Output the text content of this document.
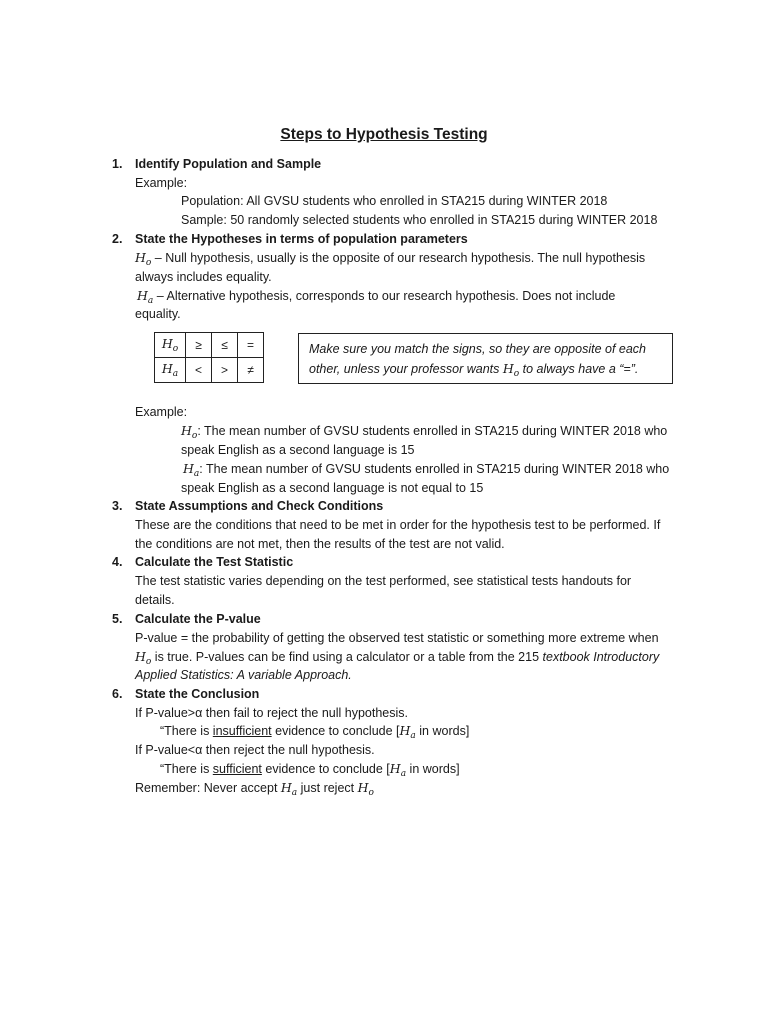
Steps to Hypothesis Testing
1. Identify Population and Sample
Example:
Population: All GVSU students who enrolled in STA215 during WINTER 2018
Sample: 50 randomly selected students who enrolled in STA215 during WINTER 2018
2. State the Hypotheses in terms of population parameters
$H_o$ – Null hypothesis, usually is the opposite of our research hypothesis. The null hypothesis
always includes equality.
$H_a$ – Alternative hypothesis, corresponds to our research hypothesis. Does not include
equality.
$H_o$	≥	≤	=
$H_a$	<	>	≠
Make sure you match the signs, so they are opposite of each
other, unless your professor wants $H_o$ to always have a “=”.
Example:
$H_o$: The mean number of GVSU students enrolled in STA215 during WINTER 2018 who
speak English as a second language is 15
$H_a$: The mean number of GVSU students enrolled in STA215 during WINTER 2018 who
speak English as a second language is not equal to 15
3. State Assumptions and Check Conditions
These are the conditions that need to be met in order for the hypothesis test to be performed. If
the conditions are not met, then the results of the test are not valid.
4. Calculate the Test Statistic
The test statistic varies depending on the test performed, see statistical tests handouts for
details.
5. Calculate the P-value
P-value = the probability of getting the observed test statistic or something more extreme when
$H_o$ is true. P-values can be find using a calculator or a table from the 215 textbook Introductory
Applied Statistics: A variable Approach.
6. State the Conclusion
If P-value>α then fail to reject the null hypothesis.
“There is insufficient evidence to conclude [$H_a$ in words]
If P-value<α then reject the null hypothesis.
“There is sufficient evidence to conclude [$H_a$ in words]
Remember: Never accept $H_a$ just reject $H_o$
